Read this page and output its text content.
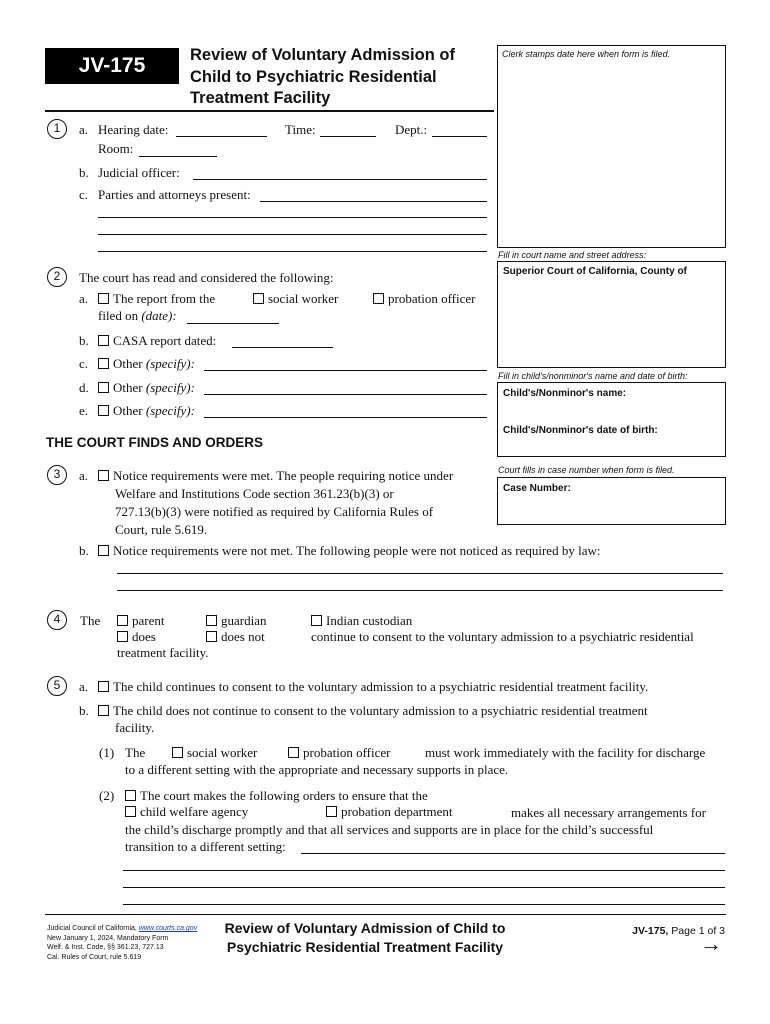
JV-175	Review of Voluntary Admission of
Child to Psychiatric Residential
Treatment Facility
Clerk stamps date here when form is filed.
Fill in court name and street address:
Superior Court of California, County of
Fill in child's/nonminor's name and date of birth:
Child's/Nonminor's name:
Child's/Nonminor's date of birth:
Court fills in case number when form is filed.
Case Number:
1	a. Hearing date:	Time:	Dept.:
Room:
b. Judicial officer:
c. Parties and attorneys present:
2	The court has read and considered the following:
a.	The report from the	social worker	probation officer
filed on (date):
b.	CASA report dated:
c.	Other (specify):
d.	Other (specify):
e.	Other (specify):
THE COURT FINDS AND ORDERS
3	a.	Notice requirements were met. The people requiring notice under
Welfare and Institutions Code section 361.23(b)(3) or
727.13(b)(3) were notified as required by California Rules of
Court, rule 5.619.
b.	Notice requirements were not met. The following people were not noticed as required by law:
4	The	parent	guardian	Indian custodian
does	does not	continue to consent to the voluntary admission to a psychiatric residential
treatment facility.
5	a.	The child continues to consent to the voluntary admission to a psychiatric residential treatment facility.
b.	The child does not continue to consent to the voluntary admission to a psychiatric residential treatment
facility.
(1) The	social worker	probation officer	must work immediately with the facility for discharge
to a different setting with the appropriate and necessary supports in place.
(2)	The court makes the following orders to ensure that the
child welfare agency	probation department	makes all necessary arrangements for
the child’s discharge promptly and that all services and supports are in place for the child’s successful
transition to a different setting:
Judicial Council of California, www.courts.ca.gov
New January 1, 2024, Mandatory Form
Welf. & Inst. Code, §§ 361.23, 727.13
Cal. Rules of Court, rule 5.619
Review of Voluntary Admission of Child to
Psychiatric Residential Treatment Facility
JV-175, Page 1 of 3
→
